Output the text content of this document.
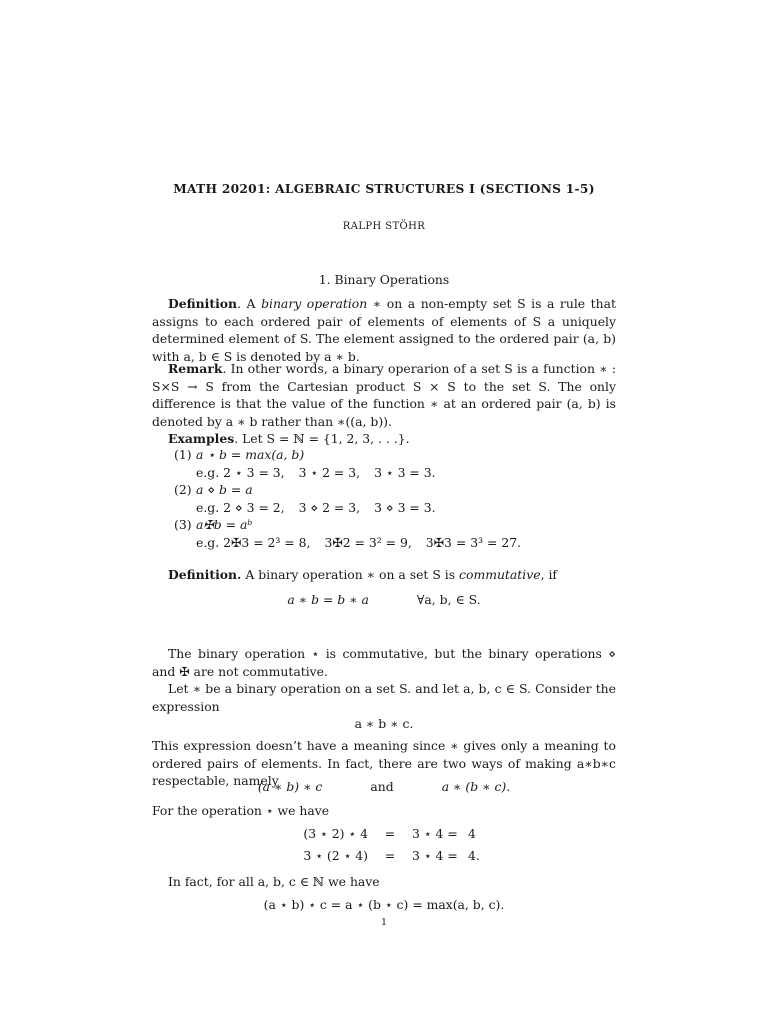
MATH 20201: ALGEBRAIC STRUCTURES I (SECTIONS 1-5)
RALPH STÖHR
1. Binary Operations

Definition. A binary operation ∗ on a non-empty set S is a rule that assigns to each ordered pair of elements of elements of S a uniquely determined element of S. The element assigned to the ordered pair (a, b) with a, b ∈ S is denoted by a ∗ b.

Remark. In other words, a binary operarion of a set S is a function ∗ : S×S → S from the Cartesian product S × S to the set S. The only difference is that the value of the function ∗ at an ordered pair (a, b) is denoted by a ∗ b rather than ∗((a, b)).

Examples. Let S = ℕ = {1, 2, 3, . . .}.

(1) a ⋆ b = max(a, b)
e.g. 2 ⋆ 3 = 3, 3 ⋆ 2 = 3, 3 ⋆ 3 = 3.
(2) a ⋄ b = a
e.g. 2 ⋄ 3 = 2, 3 ⋄ 2 = 3, 3 ⋄ 3 = 3.
(3) a✠b = aᵇ
e.g. 2✠3 = 2³ = 8, 3✠2 = 3² = 9, 3✠3 = 3³ = 27.

Definition. A binary operation ∗ on a set S is commutative, if

a ∗ b = b ∗ a	∀a, b, ∈ S.

The binary operation ⋆ is commutative, but the binary operations ⋄ and ✠ are not commutative.

Let ∗ be a binary operation on a set S. and let a, b, c ∈ S. Consider the expression

a ∗ b ∗ c.

This expression doesn’t have a meaning since ∗ gives only a meaning to ordered pairs of elements. In fact, there are two ways of making a∗b∗c respectable, namely

(a ∗ b) ∗ c	and	a ∗ (b ∗ c).

For the operation ⋆ we have

(3 ⋆ 2) ⋆ 4 = 3 ⋆ 4 = 4
3 ⋆ (2 ⋆ 4) = 3 ⋆ 4 = 4.

In fact, for all a, b, c ∈ ℕ we have

(a ⋆ b) ⋆ c = a ⋆ (b ⋆ c) = max(a, b, c).
1
